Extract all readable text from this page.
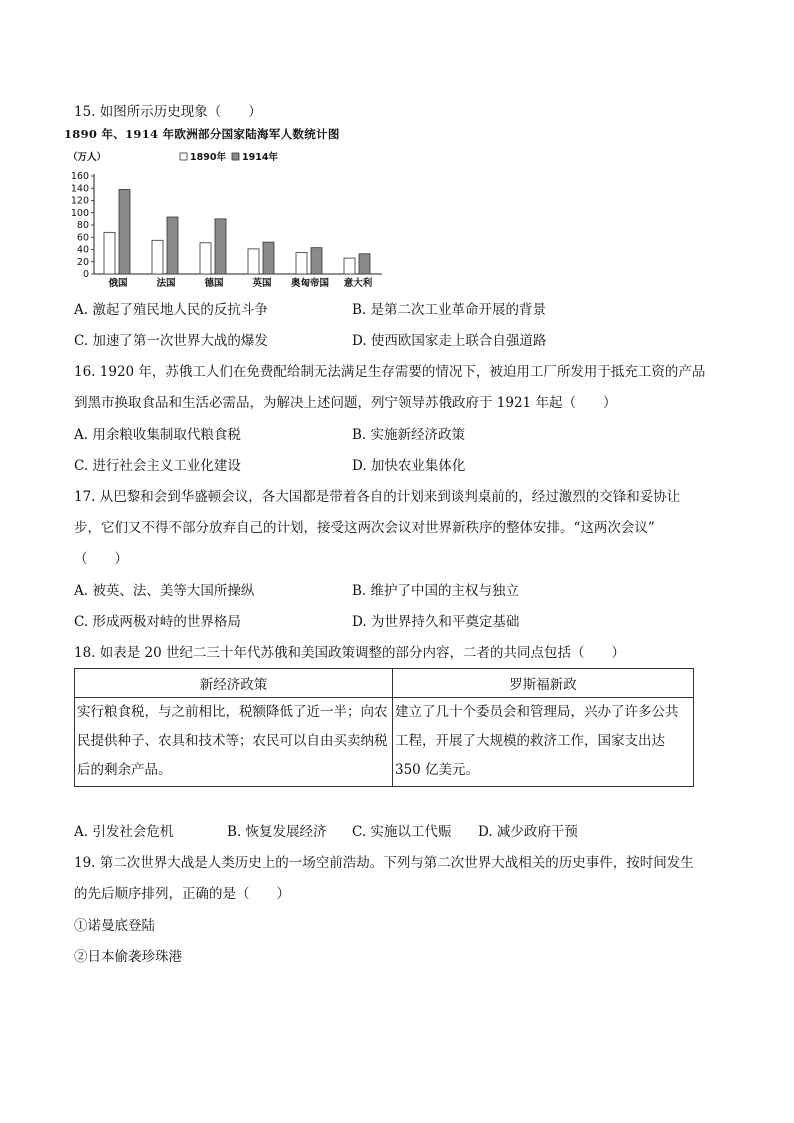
15. 如图所示历史现象（　　）
1890 年、1914 年欧洲部分国家陆海军人数统计图
（万人）	1890年 1914年
0
20
40
60
80
100
120
140
160
俄国	法国	德国	英国 奥匈帝国 意大利
A. 激起了殖民地人民的反抗斗争	B. 是第二次工业革命开展的背景
C. 加速了第一次世界大战的爆发	D. 使西欧国家走上联合自强道路
16. 1920 年，苏俄工人们在免费配给制无法满足生存需要的情况下，被迫用工厂所发用于抵充工资的产品
到黑市换取食品和生活必需品，为解决上述问题，列宁领导苏俄政府于 1921 年起（　　）
A. 用余粮收集制取代粮食税	B. 实施新经济政策
C. 进行社会主义工业化建设	D. 加快农业集体化
17. 从巴黎和会到华盛顿会议，各大国都是带着各自的计划来到谈判桌前的，经过激烈的交锋和妥协让
步，它们又不得不部分放弃自己的计划，接受这两次会议对世界新秩序的整体安排。“这两次会议”
（　　）
A. 被英、法、美等大国所操纵	B. 维护了中国的主权与独立
C. 形成两极对峙的世界格局	D. 为世界持久和平奠定基础
18. 如表是 20 世纪二三十年代苏俄和美国政策调整的部分内容，二者的共同点包括（　　）
新经济政策	罗斯福新政
实行粮食税，与之前相比，税额降低了近一半；向农民提供种子、农具和技术等；农民可以自由买卖纳税后的剩余产品。	建立了几十个委员会和管理局，兴办了许多公共工程，开展了大规模的救济工作，国家支出达 350 亿美元。
A. 引发社会危机	B. 恢复发展经济 C. 实施以工代赈 D. 减少政府干预
19. 第二次世界大战是人类历史上的一场空前浩劫。下列与第二次世界大战相关的历史事件，按时间发生
的先后顺序排列，正确的是（　　）
①诺曼底登陆
②日本偷袭珍珠港
